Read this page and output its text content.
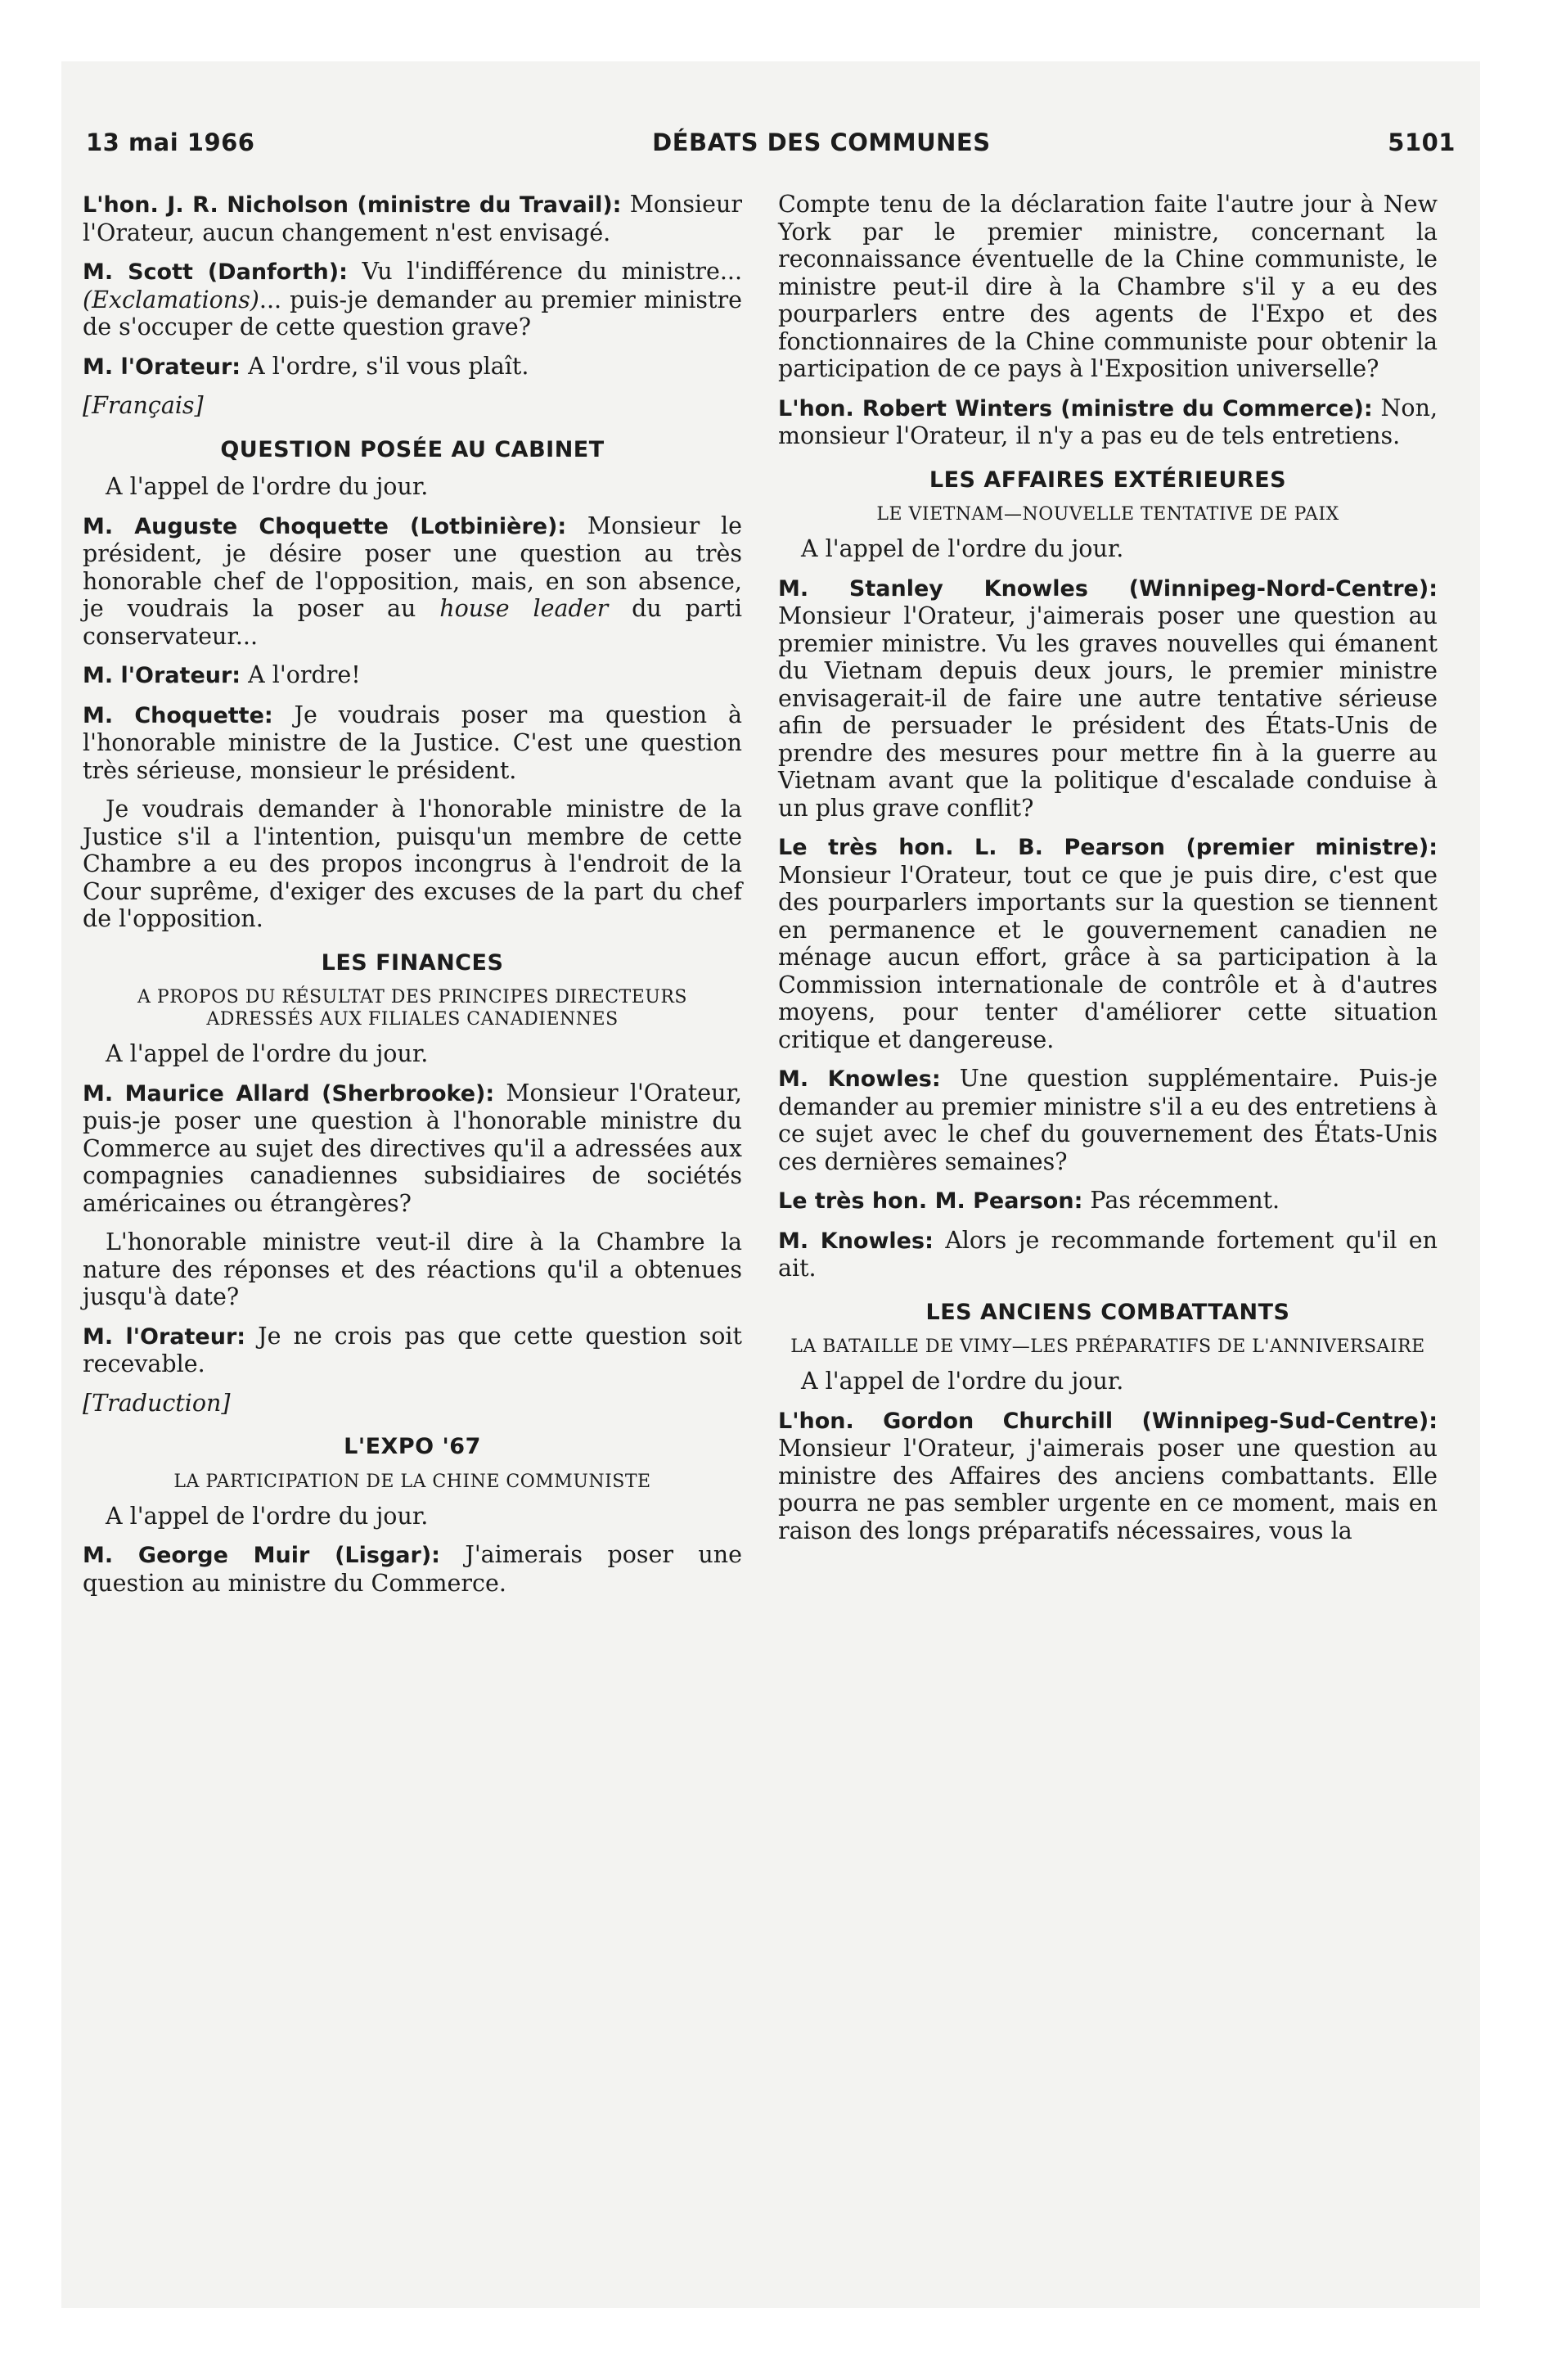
13 mai 1966	DÉBATS DES COMMUNES	5101

L'hon. J. R. Nicholson (ministre du Travail): Monsieur l'Orateur, aucun changement n'est envisagé.

M. Scott (Danforth): Vu l'indifférence du ministre...(Exclamations)... puis-je demander au premier ministre de s'occuper de cette question grave?

M. l'Orateur: A l'ordre, s'il vous plaît.

[Français]
QUESTION POSÉE AU CABINET

A l'appel de l'ordre du jour.

M. Auguste Choquette (Lotbinière): Monsieur le président, je désire poser une question au très honorable chef de l'opposition, mais, en son absence, je voudrais la poser au house leader du parti conservateur...

M. l'Orateur: A l'ordre!

M. Choquette: Je voudrais poser ma question à l'honorable ministre de la Justice. C'est une question très sérieuse, monsieur le président.

Je voudrais demander à l'honorable ministre de la Justice s'il a l'intention, puisqu'un membre de cette Chambre a eu des propos incongrus à l'endroit de la Cour suprême, d'exiger des excuses de la part du chef de l'opposition.

LES FINANCES
A PROPOS DU RÉSULTAT DES PRINCIPES DIRECTEURS ADRESSÉS AUX FILIALES CANADIENNES

A l'appel de l'ordre du jour.

M. Maurice Allard (Sherbrooke): Monsieur l'Orateur, puis-je poser une question à l'honorable ministre du Commerce au sujet des directives qu'il a adressées aux compagnies canadiennes subsidiaires de sociétés américaines ou étrangères?

L'honorable ministre veut-il dire à la Chambre la nature des réponses et des réactions qu'il a obtenues jusqu'à date?

M. l'Orateur: Je ne crois pas que cette question soit recevable.

[Traduction]
L'EXPO '67
LA PARTICIPATION DE LA CHINE COMMUNISTE

A l'appel de l'ordre du jour.

M. George Muir (Lisgar): J'aimerais poser une question au ministre du Commerce.

Compte tenu de la déclaration faite l'autre jour à New York par le premier ministre, concernant la reconnaissance éventuelle de la Chine communiste, le ministre peut-il dire à la Chambre s'il y a eu des pourparlers entre des agents de l'Expo et des fonctionnaires de la Chine communiste pour obtenir la participation de ce pays à l'Exposition universelle?

L'hon. Robert Winters (ministre du Commerce): Non, monsieur l'Orateur, il n'y a pas eu de tels entretiens.

LES AFFAIRES EXTÉRIEURES
LE VIETNAM—NOUVELLE TENTATIVE DE PAIX

A l'appel de l'ordre du jour.

M. Stanley Knowles (Winnipeg-Nord-Centre): Monsieur l'Orateur, j'aimerais poser une question au premier ministre. Vu les graves nouvelles qui émanent du Vietnam depuis deux jours, le premier ministre envisagerait-il de faire une autre tentative sérieuse afin de persuader le président des États-Unis de prendre des mesures pour mettre fin à la guerre au Vietnam avant que la politique d'escalade conduise à un plus grave conflit?

Le très hon. L. B. Pearson (premier ministre): Monsieur l'Orateur, tout ce que je puis dire, c'est que des pourparlers importants sur la question se tiennent en permanence et le gouvernement canadien ne ménage aucun effort, grâce à sa participation à la Commission internationale de contrôle et à d'autres moyens, pour tenter d'améliorer cette situation critique et dangereuse.

M. Knowles: Une question supplémentaire. Puis-je demander au premier ministre s'il a eu des entretiens à ce sujet avec le chef du gouvernement des États-Unis ces dernières semaines?

Le très hon. M. Pearson: Pas récemment.

M. Knowles: Alors je recommande fortement qu'il en ait.

LES ANCIENS COMBATTANTS
LA BATAILLE DE VIMY—LES PRÉPARATIFS DE L'ANNIVERSAIRE

A l'appel de l'ordre du jour.

L'hon. Gordon Churchill (Winnipeg-Sud-Centre): Monsieur l'Orateur, j'aimerais poser une question au ministre des Affaires des anciens combattants. Elle pourra ne pas sembler urgente en ce moment, mais en raison des longs préparatifs nécessaires, vous la
